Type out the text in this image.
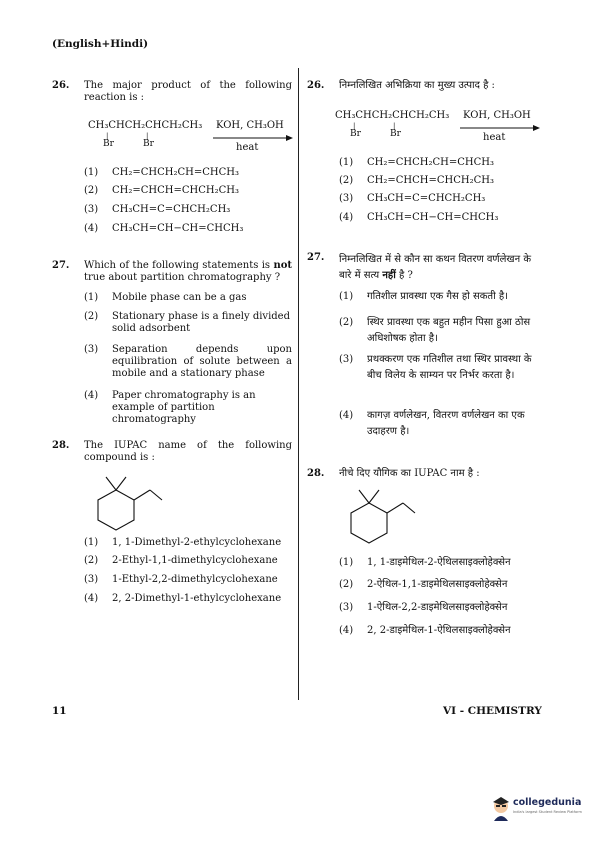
(English+Hindi)
26. The major product of the following reaction is :
CH₃CHCH₂CHCH₂CH₃
|	|
Br	Br
KOH, CH₃OH
heat
(1) CH₂=CHCH₂CH=CHCH₃
(2) CH₂=CHCH=CHCH₂CH₃
(3) CH₃CH=C=CHCH₂CH₃
(4) CH₃CH=CH−CH=CHCH₃
27. Which of the following statements is not true about partition chromatography ?
(1) Mobile phase can be a gas
(2) Stationary phase is a finely divided solid adsorbent
(3) Separation depends upon equilibration of solute between a mobile and a stationary phase
(4) Paper chromatography is an example of partition chromatography
28. The IUPAC name of the following compound is :
(1) 1, 1-Dimethyl-2-ethylcyclohexane
(2) 2-Ethyl-1,1-dimethylcyclohexane
(3) 1-Ethyl-2,2-dimethylcyclohexane
(4) 2, 2-Dimethyl-1-ethylcyclohexane
26. निम्नलिखित अभिक्रिया का मुख्य उत्पाद है :
CH₃CHCH₂CHCH₂CH₃
|	|
Br	Br
KOH, CH₃OH
heat
(1) CH₂=CHCH₂CH=CHCH₃
(2) CH₂=CHCH=CHCH₂CH₃
(3) CH₃CH=C=CHCH₂CH₃
(4) CH₃CH=CH−CH=CHCH₃
27. निम्नलिखित में से कौन सा कथन वितरण वर्णलेखन के बारे में सत्य नहीं है ?
(1) गतिशील प्रावस्था एक गैस हो सकती है।
(2) स्थिर प्रावस्था एक बहुत महीन पिसा हुआ ठोस अधिशोषक होता है।
(3) प्रथक्करण एक गतिशील तथा स्थिर प्रावस्था के बीच विलेय के साम्यन पर निर्भर करता है।
(4) कागज़ वर्णलेखन, वितरण वर्णलेखन का एक उदाहरण है।
28. नीचे दिए यौगिक का IUPAC नाम है :
(1) 1, 1-डाइमेथिल-2-ऐथिलसाइक्लोहेक्सेन
(2) 2-ऐथिल-1,1-डाइमेथिलसाइक्लोहेक्सेन
(3) 1-ऐथिल-2,2-डाइमेथिलसाइक्लोहेक्सेन
(4) 2, 2-डाइमेथिल-1-ऐथिलसाइक्लोहेक्सेन
11	VI - CHEMISTRY
collegedunia
India's largest Student Review Platform
